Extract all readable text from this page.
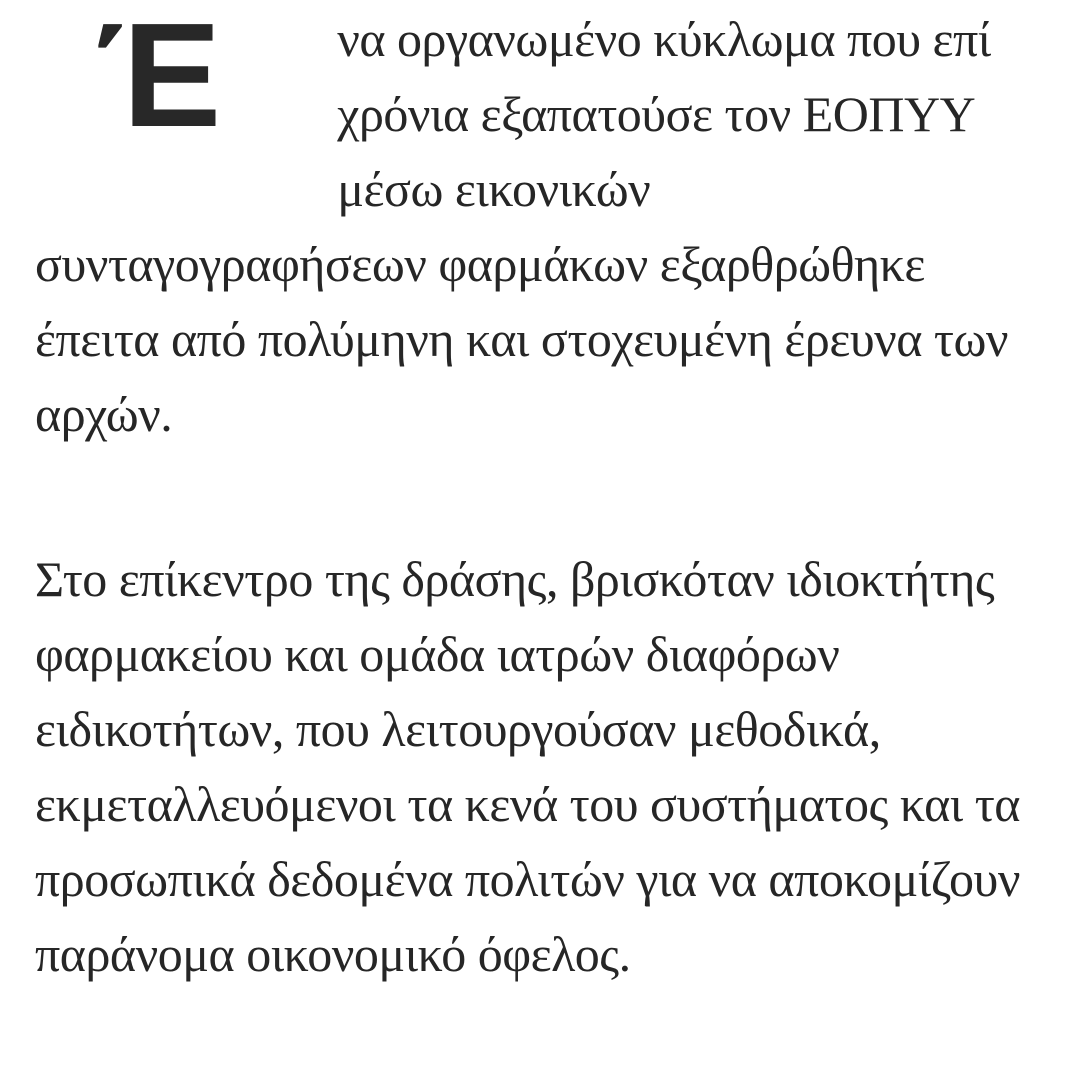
Έ να οργανωμένο κύκλωμα που επί χρόνια εξαπατούσε τον ΕΟΠΥΥ μέσω εικονικών συνταγογραφήσεων φαρμάκων εξαρθρώθηκε έπειτα από πολύμηνη και στοχευμένη έρευνα των αρχών.

Στο επίκεντρο της δράσης, βρισκόταν ιδιοκτήτης φαρμακείου και ομάδα ιατρών διαφόρων ειδικοτήτων, που λειτουργούσαν μεθοδικά, εκμεταλλευόμενοι τα κενά του συστήματος και τα προσωπικά δεδομένα πολιτών για να αποκομίζουν παράνομα οικονομικό όφελος.
